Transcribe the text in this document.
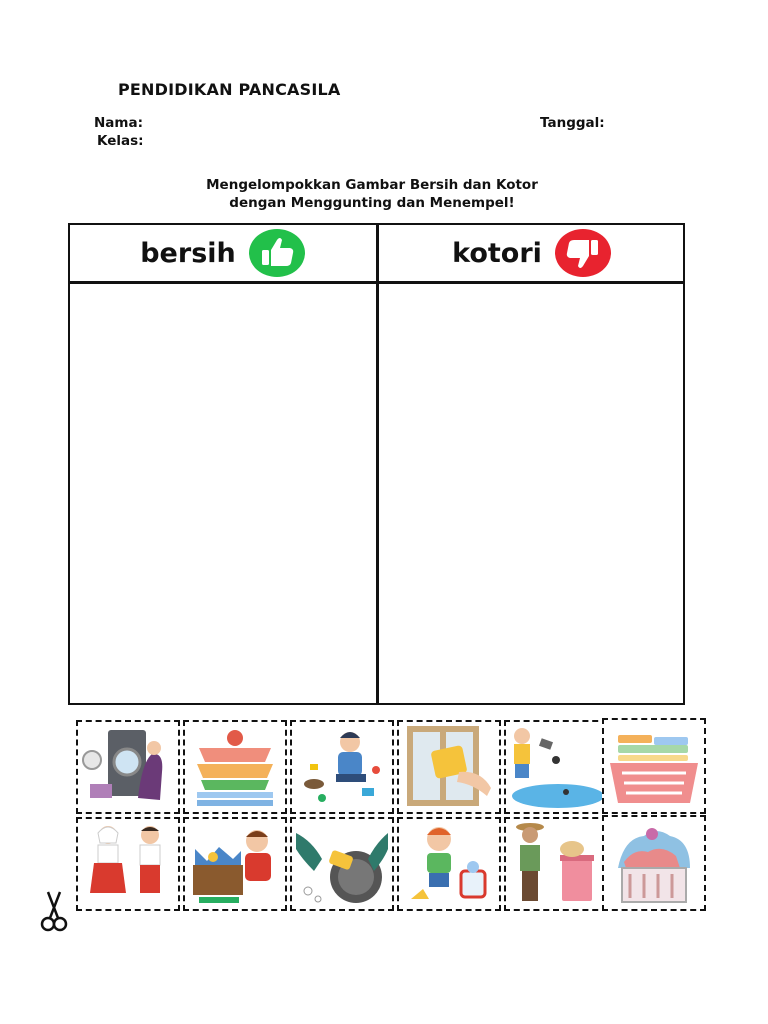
PENDIDIKAN PANCASILA
Nama:
Kelas:
Tanggal:
Mengelompokkan Gambar Bersih dan Kotor
dengan Menggunting dan Menempel!
bersih	kotori
